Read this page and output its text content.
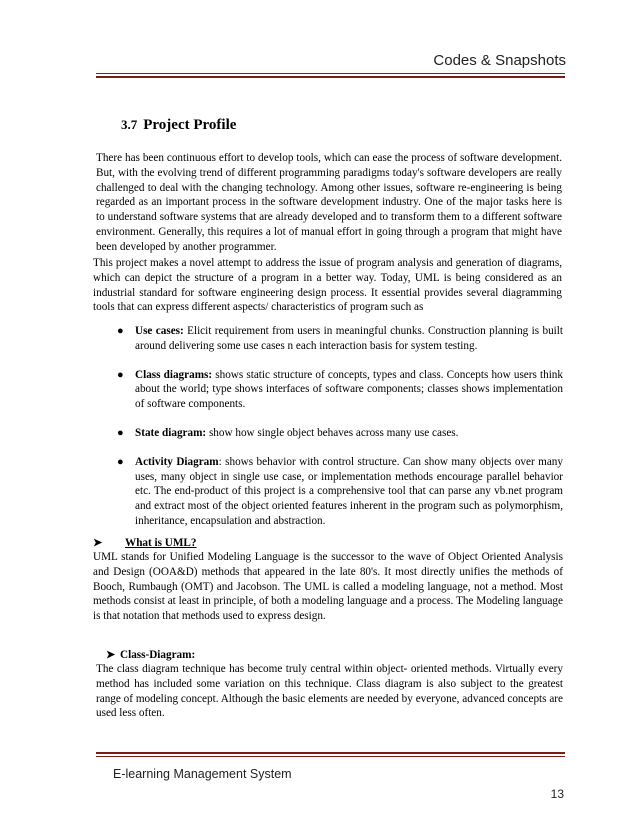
Codes & Snapshots
3.7 Project Profile

There has been continuous effort to develop tools, which can ease the process of software development. But, with the evolving trend of different programming paradigms today's software developers are really challenged to deal with the changing technology. Among other issues, software re-engineering is being regarded as an important process in the software development industry. One of the major tasks here is to understand software systems that are already developed and to transform them to a different software environment. Generally, this requires a lot of manual effort in going through a program that might have been developed by another programmer.

This project makes a novel attempt to address the issue of program analysis and generation of diagrams, which can depict the structure of a program in a better way. Today, UML is being considered as an industrial standard for software engineering design process. It essential provides several diagramming tools that can express different aspects/ characteristics of program such as

● Use cases: Elicit requirement from users in meaningful chunks. Construction planning is built around delivering some use cases n each interaction basis for system testing.
● Class diagrams: shows static structure of concepts, types and class. Concepts how users think about the world; type shows interfaces of software components; classes shows implementation of software components.
● State diagram: show how single object behaves across many use cases.
● Activity Diagram: shows behavior with control structure. Can show many objects over many uses, many object in single use case, or implementation methods encourage parallel behavior etc. The end-product of this project is a comprehensive tool that can parse any vb.net program and extract most of the object oriented features inherent in the program such as polymorphism, inheritance, encapsulation and abstraction.
➤ What is UML?

UML stands for Unified Modeling Language is the successor to the wave of Object Oriented Analysis and Design (OOA&D) methods that appeared in the late 80's. It most directly unifies the methods of Booch, Rumbaugh (OMT) and Jacobson. The UML is called a modeling language, not a method. Most methods consist at least in principle, of both a modeling language and a process. The Modeling language is that notation that methods used to express design.

➤ Class-Diagram:

The class diagram technique has become truly central within object- oriented methods. Virtually every method has included some variation on this technique. Class diagram is also subject to the greatest range of modeling concept. Although the basic elements are needed by everyone, advanced concepts are used less often.

E-learning Management System
13
